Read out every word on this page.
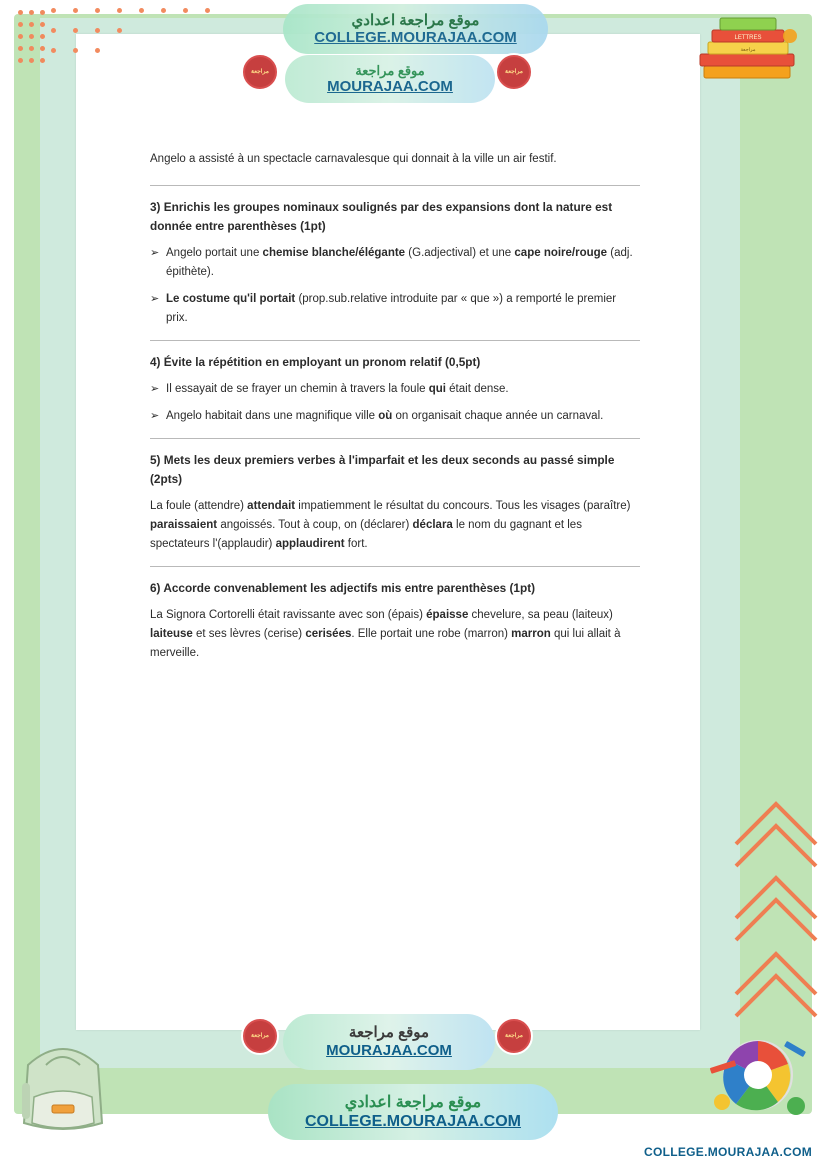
LETTRES
مراجعة
موقع مراجعة اعدادي
COLLEGE.MOURAJAA.COM
موقع مراجعة
MOURAJAA.COM
مراجعة	مراجعة
موقع مراجعة
MOURAJAA.COM
مراجعة	مراجعة
موقع مراجعة اعدادي
COLLEGE.MOURAJAA.COM
COLLEGE.MOURAJAA.COM

Angelo a assisté à un spectacle carnavalesque qui donnait à la ville un air festif.

3) Enrichis les groupes nominaux soulignés par des expansions dont la nature est donnée entre parenthèses (1pt)

➢ Angelo portait une chemise blanche/élégante (G.adjectival) et une cape noire/rouge (adj. épithète).

➢ Le costume qu'il portait (prop.sub.relative introduite par « que ») a remporté le premier prix.

4) Évite la répétition en employant un pronom relatif (0,5pt)

➢ Il essayait de se frayer un chemin à travers la foule qui était dense.

➢ Angelo habitait dans une magnifique ville où on organisait chaque année un carnaval.

5) Mets les deux premiers verbes à l'imparfait et les deux seconds au passé simple (2pts)

La foule (attendre) attendait impatiemment le résultat du concours. Tous les visages (paraître) paraissaient angoissés. Tout à coup, on (déclarer) déclara le nom du gagnant et les spectateurs l'(applaudir) applaudirent fort.

6) Accorde convenablement les adjectifs mis entre parenthèses (1pt)

La Signora Cortorelli était ravissante avec son (épais) épaisse chevelure, sa peau (laiteux) laiteuse et ses lèvres (cerise) cerisées. Elle portait une robe (marron) marron qui lui allait à merveille.
